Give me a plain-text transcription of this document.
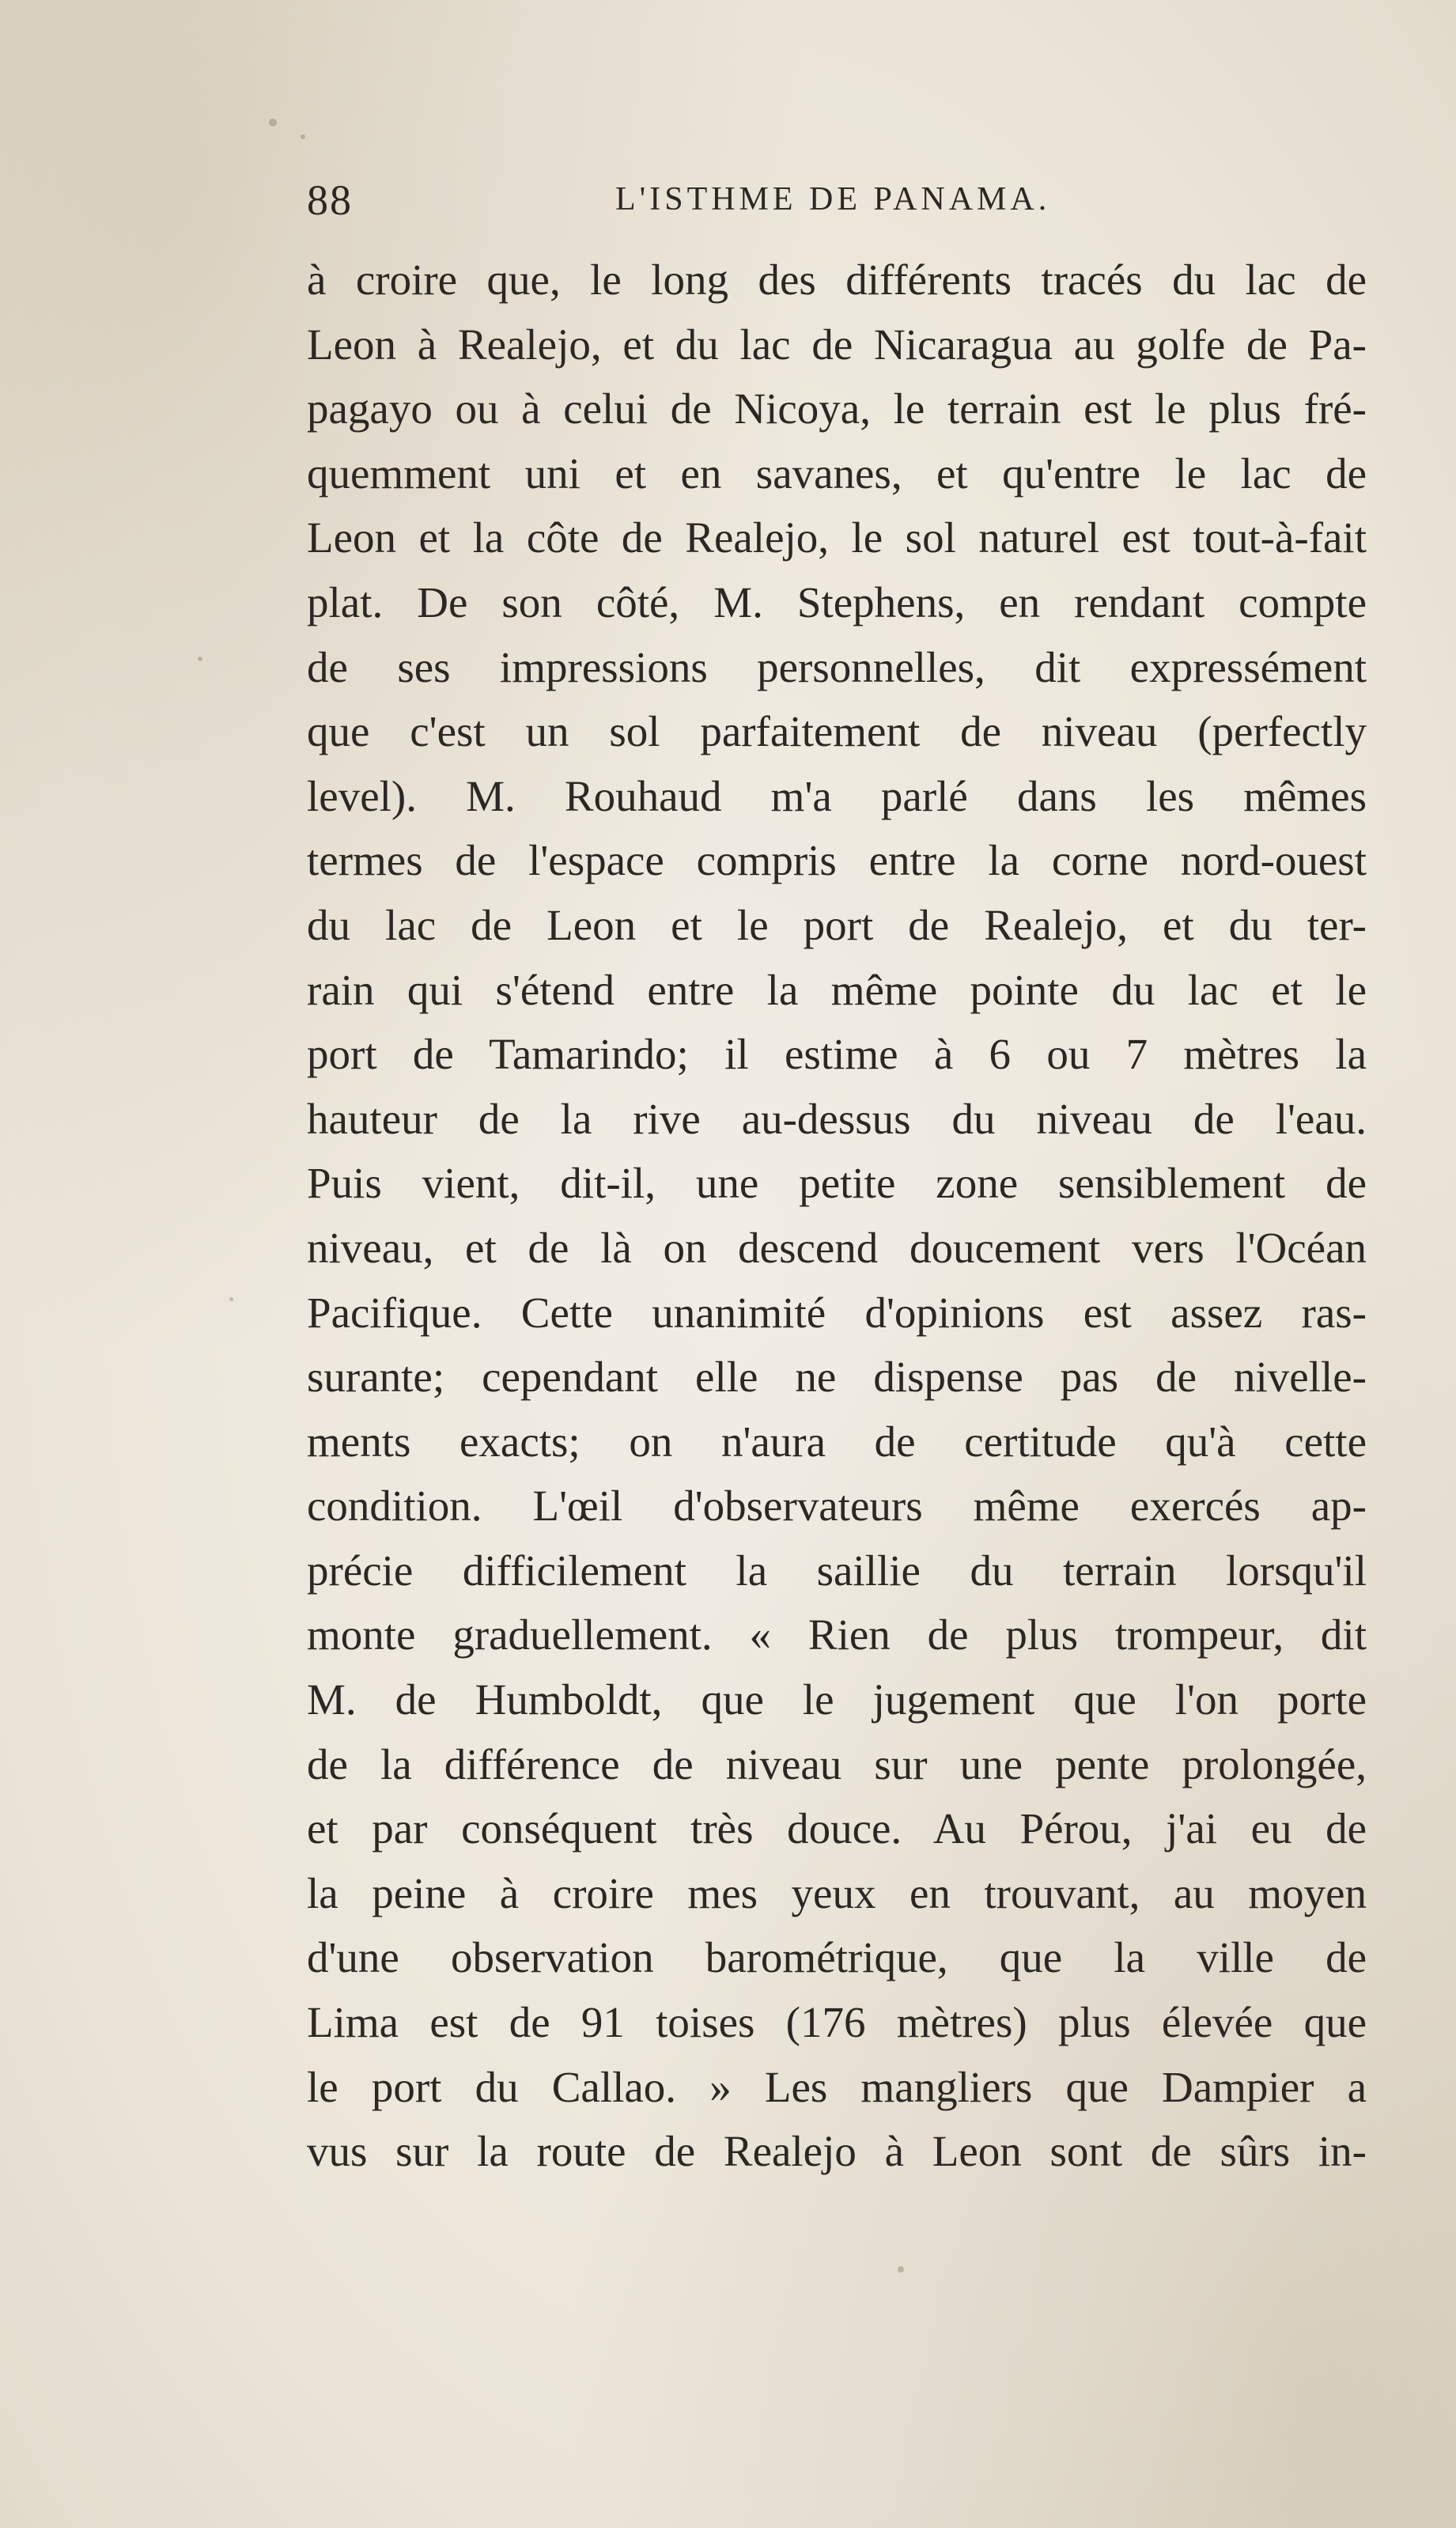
88	L'ISTHME DE PANAMA.
à croire que, le long des différents tracés du lac de
Leon à Realejo, et du lac de Nicaragua au golfe de Pa-
pagayo ou à celui de Nicoya, le terrain est le plus fré-
quemment uni et en savanes, et qu'entre le lac de
Leon et la côte de Realejo, le sol naturel est tout-à-fait
plat. De son côté, M. Stephens, en rendant compte
de ses impressions personnelles, dit expressément
que c'est un sol parfaitement de niveau (perfectly
level). M. Rouhaud m'a parlé dans les mêmes
termes de l'espace compris entre la corne nord-ouest
du lac de Leon et le port de Realejo, et du ter-
rain qui s'étend entre la même pointe du lac et le
port de Tamarindo; il estime à 6 ou 7 mètres la
hauteur de la rive au-dessus du niveau de l'eau.
Puis vient, dit-il, une petite zone sensiblement de
niveau, et de là on descend doucement vers l'Océan
Pacifique. Cette unanimité d'opinions est assez ras-
surante; cependant elle ne dispense pas de nivelle-
ments exacts; on n'aura de certitude qu'à cette
condition. L'œil d'observateurs même exercés ap-
précie difficilement la saillie du terrain lorsqu'il
monte graduellement. « Rien de plus trompeur, dit
M. de Humboldt, que le jugement que l'on porte
de la différence de niveau sur une pente prolongée,
et par conséquent très douce. Au Pérou, j'ai eu de
la peine à croire mes yeux en trouvant, au moyen
d'une observation barométrique, que la ville de
Lima est de 91 toises (176 mètres) plus élevée que
le port du Callao. » Les mangliers que Dampier a
vus sur la route de Realejo à Leon sont de sûrs in-
